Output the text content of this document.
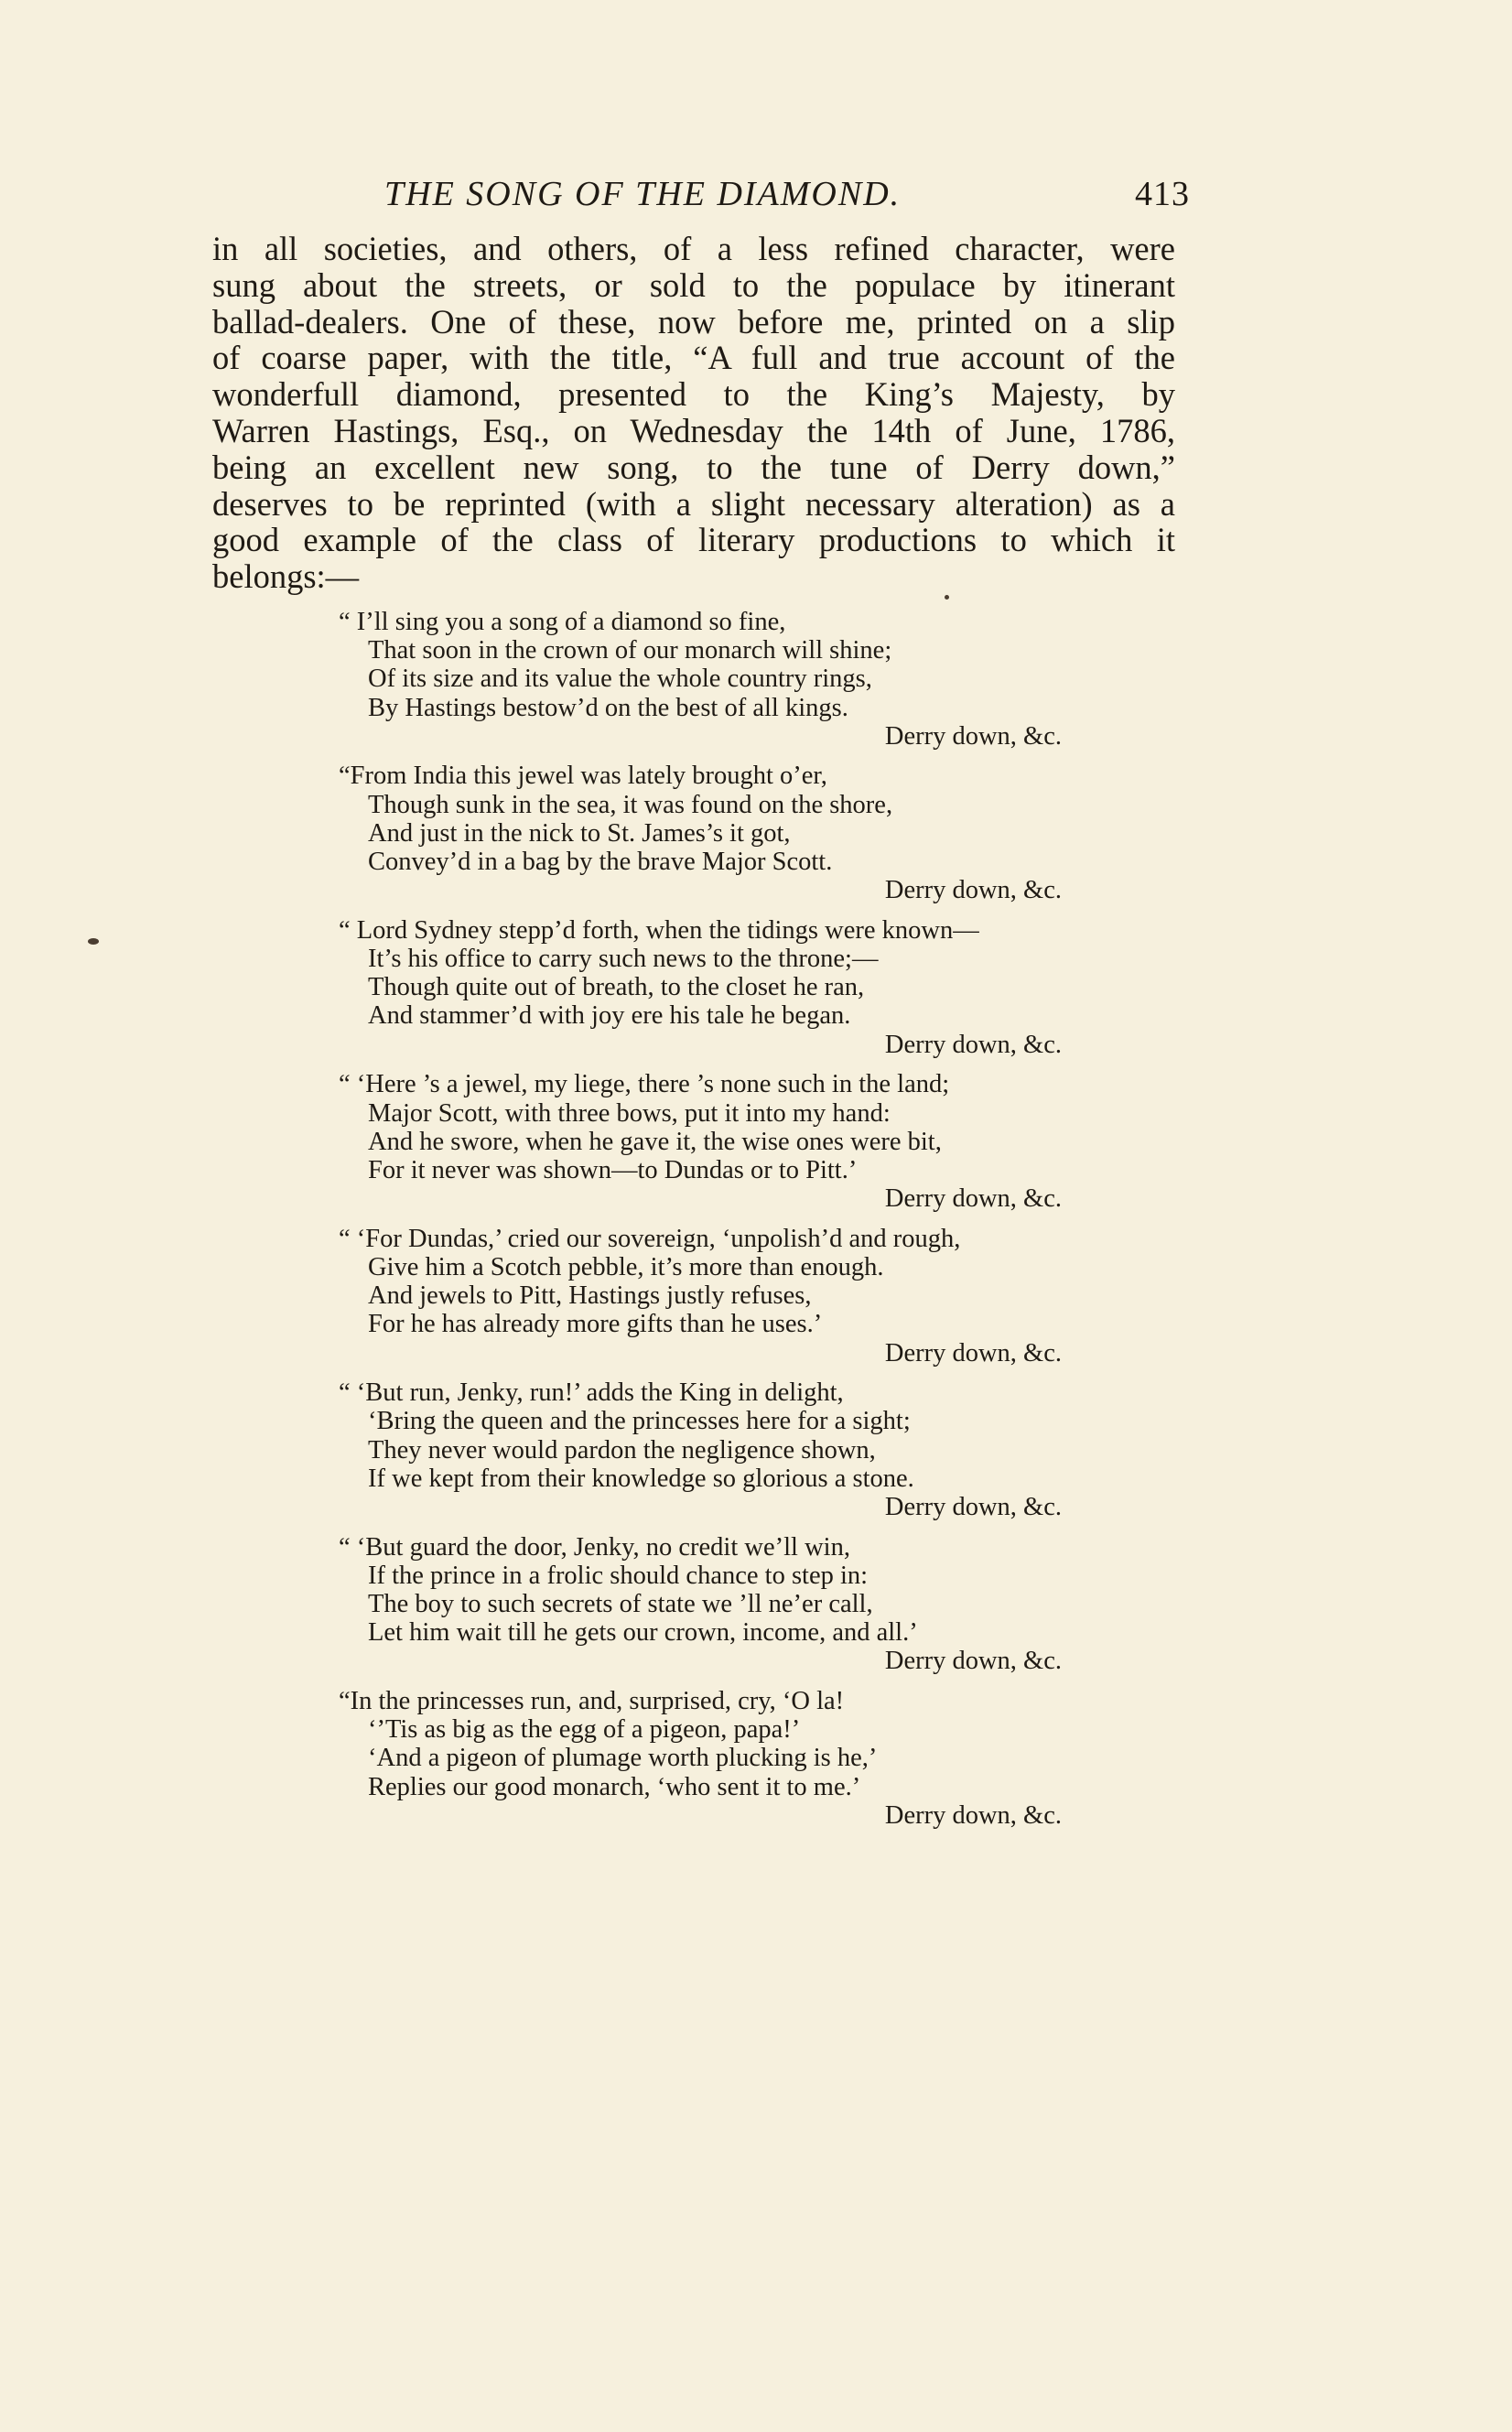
THE SONG OF THE DIAMOND.	413
in all societies, and others, of a less refined character, were
sung about the streets, or sold to the populace by itinerant
ballad-dealers. One of these, now before me, printed on a slip
of coarse paper, with the title, “A full and true account of the
wonderfull diamond, presented to the King’s Majesty, by
Warren Hastings, Esq., on Wednesday the 14th of June, 1786,
being an excellent new song, to the tune of Derry down,”
deserves to be reprinted (with a slight necessary alteration) as a
good example of the class of literary productions to which it
belongs:—
“ I’ll sing you a song of a diamond so fine,
That soon in the crown of our monarch will shine;
Of its size and its value the whole country rings,
By Hastings bestow’d on the best of all kings.
Derry down, &c.
“From India this jewel was lately brought o’er,
Though sunk in the sea, it was found on the shore,
And just in the nick to St. James’s it got,
Convey’d in a bag by the brave Major Scott.
Derry down, &c.
“ Lord Sydney stepp’d forth, when the tidings were known—
It’s his office to carry such news to the throne;—
Though quite out of breath, to the closet he ran,
And stammer’d with joy ere his tale he began.
Derry down, &c.
“ ‘Here ’s a jewel, my liege, there ’s none such in the land;
Major Scott, with three bows, put it into my hand:
And he swore, when he gave it, the wise ones were bit,
For it never was shown—to Dundas or to Pitt.’
Derry down, &c.
“ ‘For Dundas,’ cried our sovereign, ‘unpolish’d and rough,
Give him a Scotch pebble, it’s more than enough.
And jewels to Pitt, Hastings justly refuses,
For he has already more gifts than he uses.’
Derry down, &c.
“ ‘But run, Jenky, run!’ adds the King in delight,
‘Bring the queen and the princesses here for a sight;
They never would pardon the negligence shown,
If we kept from their knowledge so glorious a stone.
Derry down, &c.
“ ‘But guard the door, Jenky, no credit we’ll win,
If the prince in a frolic should chance to step in:
The boy to such secrets of state we ’ll ne’er call,
Let him wait till he gets our crown, income, and all.’
Derry down, &c.
“In the princesses run, and, surprised, cry, ‘O la!
‘’Tis as big as the egg of a pigeon, papa!’
‘And a pigeon of plumage worth plucking is he,’
Replies our good monarch, ‘who sent it to me.’
Derry down, &c.
